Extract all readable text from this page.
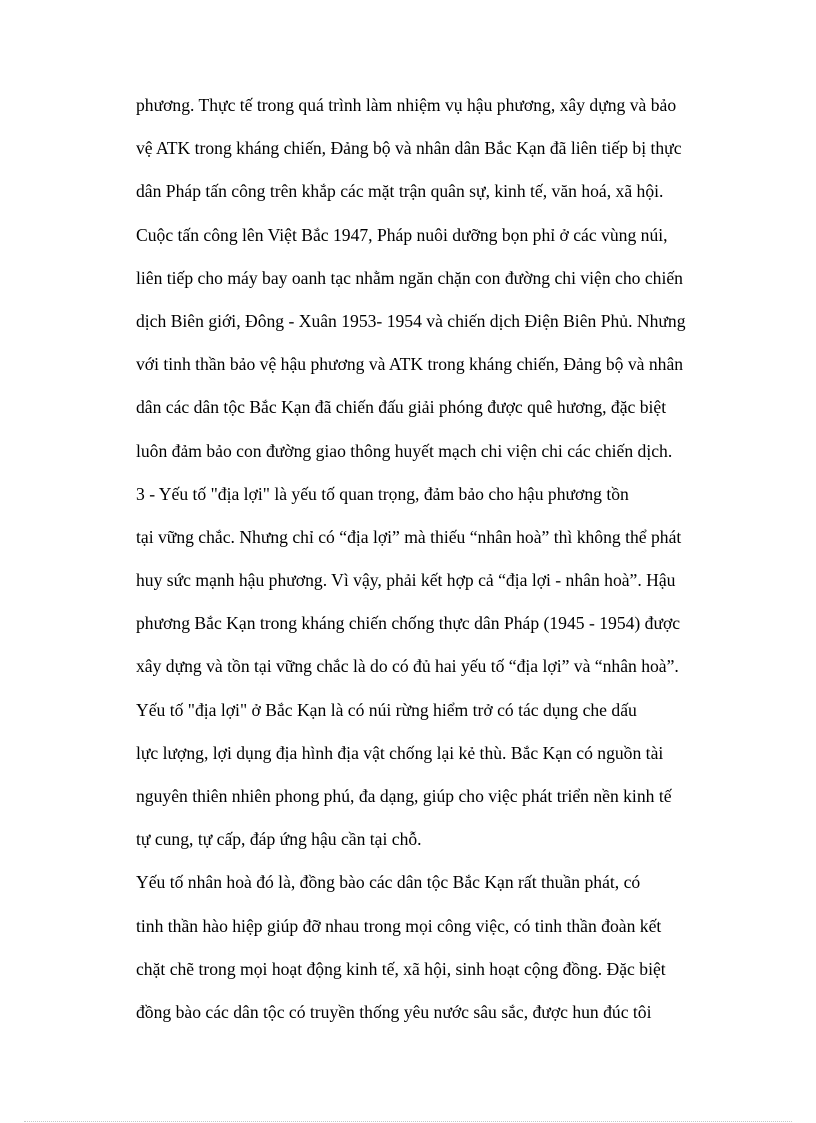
phương. Thực tế trong quá trình làm nhiệm vụ hậu phương, xây dựng và bảo
vệ ATK trong kháng chiến, Đảng bộ và nhân dân Bắc Kạn đã liên tiếp bị thực
dân Pháp tấn công trên khắp các mặt trận quân sự, kinh tế, văn hoá, xã hội.
Cuộc tấn công lên Việt Bắc 1947, Pháp nuôi dưỡng bọn phỉ ở các vùng núi,
liên tiếp cho máy bay oanh tạc nhằm ngăn chặn con đường chi viện cho chiến
dịch Biên giới, Đông - Xuân 1953- 1954 và chiến dịch Điện Biên Phủ. Nhưng
với tinh thần bảo vệ hậu phương và ATK trong kháng chiến, Đảng bộ và nhân
dân các dân tộc Bắc Kạn đã chiến đấu giải phóng được quê hương, đặc biệt
luôn đảm bảo con đường giao thông huyết mạch chi viện chi các chiến dịch.
3 - Yếu tố "địa lợi" là yếu tố quan trọng, đảm bảo cho hậu phương tồn
tại vững chắc. Nhưng chỉ có “địa lợi” mà thiếu “nhân hoà” thì không thể phát
huy sức mạnh hậu phương. Vì vậy, phải kết hợp cả “địa lợi - nhân hoà”. Hậu
phương Bắc Kạn trong kháng chiến chống thực dân Pháp (1945 - 1954) được
xây dựng và tồn tại vững chắc là do có đủ hai yếu tố “địa lợi” và “nhân hoà”.
Yếu tố "địa lợi" ở Bắc Kạn là có núi rừng hiểm trở có tác dụng che dấu
lực lượng, lợi dụng địa hình địa vật chống lại kẻ thù. Bắc Kạn có nguồn tài
nguyên thiên nhiên phong phú, đa dạng, giúp cho việc phát triển nền kinh tế
tự cung, tự cấp, đáp ứng hậu cần tại chỗ.
Yếu tố nhân hoà đó là, đồng bào các dân tộc Bắc Kạn rất thuần phát, có
tinh thần hào hiệp giúp đỡ nhau trong mọi công việc, có tinh thần đoàn kết
chặt chẽ trong mọi hoạt động kinh tế, xã hội, sinh hoạt cộng đồng. Đặc biệt
đồng bào các dân tộc có truyền thống yêu nước sâu sắc, được hun đúc tôi
